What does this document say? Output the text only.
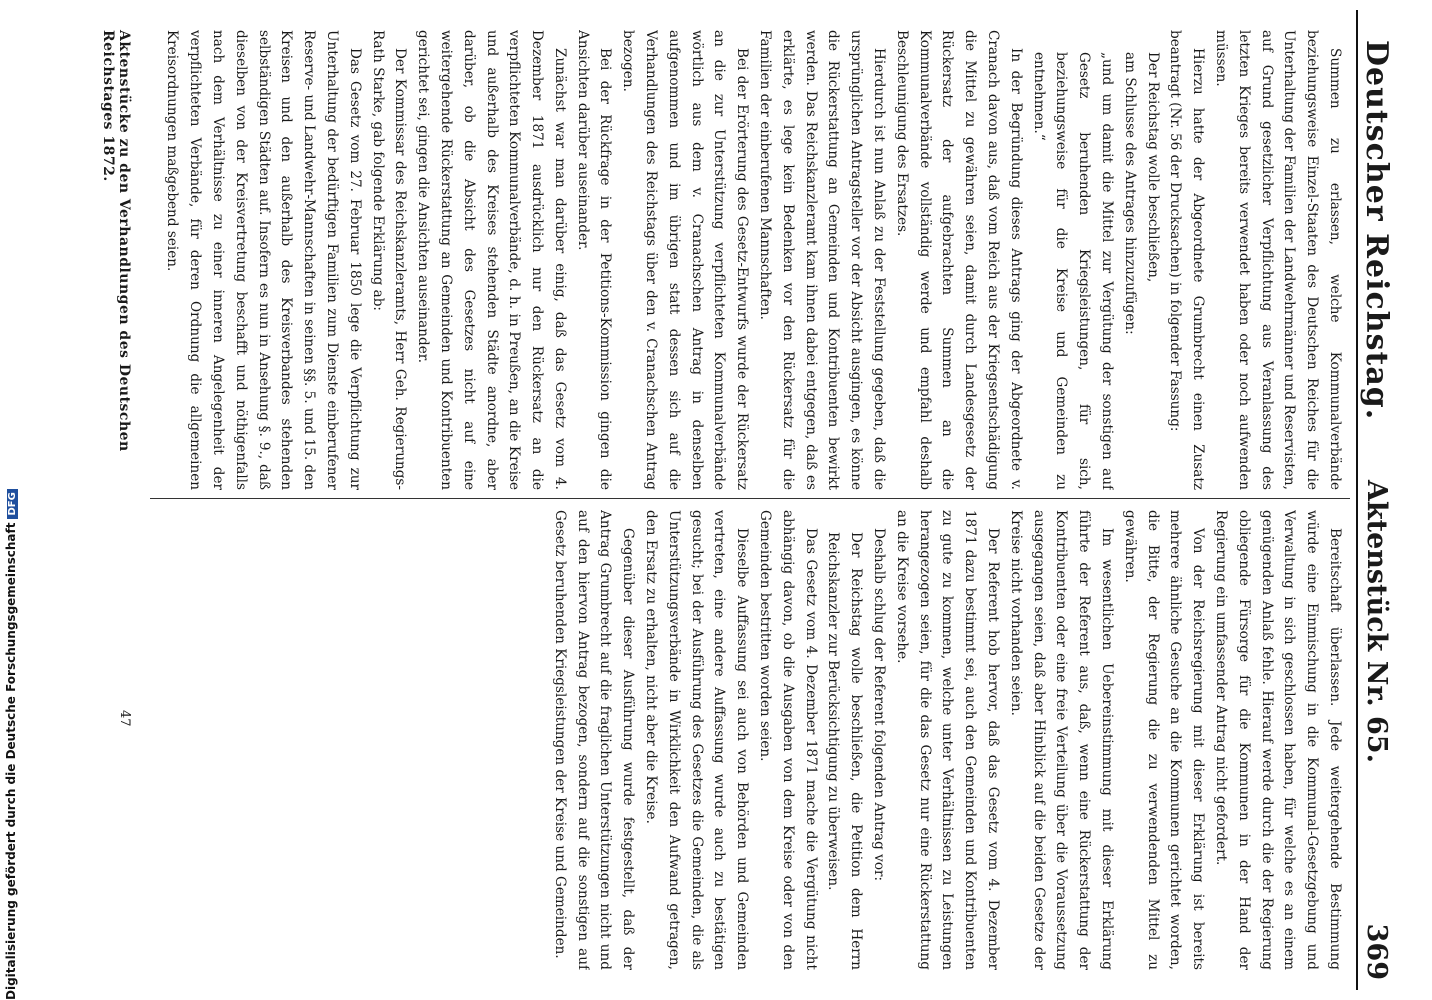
Deutscher Reichstag.
Aktenstück Nr. 65.
369

Summen zu erlassen, welche Kommunalverbände beziehungsweise Einzel-Staaten des Deutschen Reiches für die Unterhaltung der Familien der Landwehrmänner und Reservisten, auf Grund gesetzlicher Verpflichtung aus Veranlassung des letzten Krieges bereits verwendet haben oder noch aufwenden müssen.

Hierzu hatte der Abgeordnete Grumbrecht einen Zusatz beantragt (Nr. 56 der Drucksachen) in folgender Fassung:

Der Reichstag wolle beschließen,

am Schlusse des Antrages hinzuzufügen:

„und um damit die Mittel zur Vergütung der sonstigen auf Gesetz beruhenden Kriegsleistungen, für sich, beziehungsweise für die Kreise und Gemeinden zu entnehmen.“

In der Begründung dieses Antrags ging der Abgeordnete v. Cranach davon aus, daß vom Reich aus der Kriegsentschädigung die Mittel zu gewähren seien, damit durch Landesgesetz der Rückersatz der aufgebrachten Summen an die Kommunalverbände vollständig werde und empfahl deshalb Beschleunigung des Ersatzes.

Hierdurch ist nun Anlaß zu der Feststellung gegeben, daß die ursprünglichen Antragsteller vor der Absicht ausgingen, es könne die Rückerstattung an Gemeinden und Kontribuenten bewirkt werden. Das Reichskanzleramt kam ihnen dabei entgegen, daß es erklärte, es lege kein Bedenken vor den Rückersatz für die Familien der einberufenen Mannschaften.

Bei der Erörterung des Gesetz-Entwurfs wurde der Rückersatz an die zur Unterstützung verpflichteten Kommunalverbände wörtlich aus dem v. Cranachschen Antrag in denselben aufgenommen und im übrigen statt dessen sich auf die Verhandlungen des Reichstags über den v. Cranachschen Antrag bezogen.

Bei der Rückfrage in der Petitions-Kommission gingen die Ansichten darüber auseinander.

Zunächst war man darüber einig, daß das Gesetz vom 4. Dezember 1871 ausdrücklich nur den Rückersatz an die verpflichteten Kommunalverbände, d. h. in Preußen, an die Kreise und außerhalb des Kreises stehenden Städte anordne, aber darüber, ob die Absicht des Gesetzes nicht auf eine weitergehende Rückerstattung an Gemeinden und Kontribuenten gerichtet sei, gingen die Ansichten auseinander.

Der Kommissar des Reichskanzleramts, Herr Geh. Regierungs-Rath Starke, gab folgende Erklärung ab:

Das Gesetz vom 27. Februar 1850 lege die Verpflichtung zur Unterhaltung der bedürftigen Familien zum Dienste einberufener Reserve- und Landwehr-Mannschaften in seinen §§. 5. und 15. den Kreisen und den außerhalb des Kreisverbandes stehenden selbständigen Städten auf. Insofern es nun in Ansehung §. 9., daß dieselben von der Kreisvertretung beschafft und nöthigenfalls nach dem Verhältnisse zu einer inneren Angelegenheit der verpflichteten Verbände, für deren Ordnung die allgemeinen Kreisordnungen maßgebend seien.

Bereitschaft überlassen. Jede weitergehende Bestimmung würde eine Einmischung in die Kommunal-Gesetzgebung und Verwaltung in sich geschlossen haben, für welche es an einem genügenden Anlaß fehle. Hierauf werde durch die der Regierung obliegende Fürsorge für die Kommunen in der Hand der Regierung ein umfassender Antrag nicht gefordert.

Von der Reichsregierung mit dieser Erklärung ist bereits mehrere ähnliche Gesuche an die Kommunen gerichtet worden, die Bitte, der Regierung die zu verwendenden Mittel zu gewähren.

Im wesentlichen Uebereinstimmung mit dieser Erklärung führte der Referent aus, daß, wenn eine Rückerstattung der Kontribuenten oder eine freie Verteilung über die Voraussetzung ausgegangen seien, daß aber Hinblick auf die beiden Gesetze der Kreise nicht vorhanden seien.

Der Referent hob hervor, daß das Gesetz vom 4. Dezember 1871 dazu bestimmt sei, auch den Gemeinden und Kontribuenten zu gute zu kommen, welche unter Verhältnissen zu Leistungen herangezogen seien, für die das Gesetz nur eine Rückerstattung an die Kreise vorsehe.

Deshalb schlug der Referent folgenden Antrag vor:

Der Reichstag wolle beschließen, die Petition dem Herrn Reichskanzler zur Berücksichtigung zu überweisen.

Das Gesetz vom 4. Dezember 1871 mache die Vergütung nicht abhängig davon, ob die Ausgaben von dem Kreise oder von den Gemeinden bestritten worden seien.

Dieselbe Auffassung sei auch von Behörden und Gemeinden vertreten, eine andere Auffassung wurde auch zu bestätigen gesucht; bei der Ausführung des Gesetzes die Gemeinden, die als Unterstützungsverbände in Wirklichkeit den Aufwand getragen, den Ersatz zu erhalten, nicht aber die Kreise.

Gegenüber dieser Ausführung wurde festgestellt, daß der Antrag Grumbrecht auf die fraglichen Unterstützungen nicht und auf den hiervon Antrag bezogen, sondern auf die sonstigen auf Gesetz beruhenden Kriegsleistungen der Kreise und Gemeinden.

Aktenstücke zu den Verhandlungen des Deutschen Reichstages 1872.
47
Digitalisierung gefördert durch die Deutsche ForschungsgemeinschaftDFG
